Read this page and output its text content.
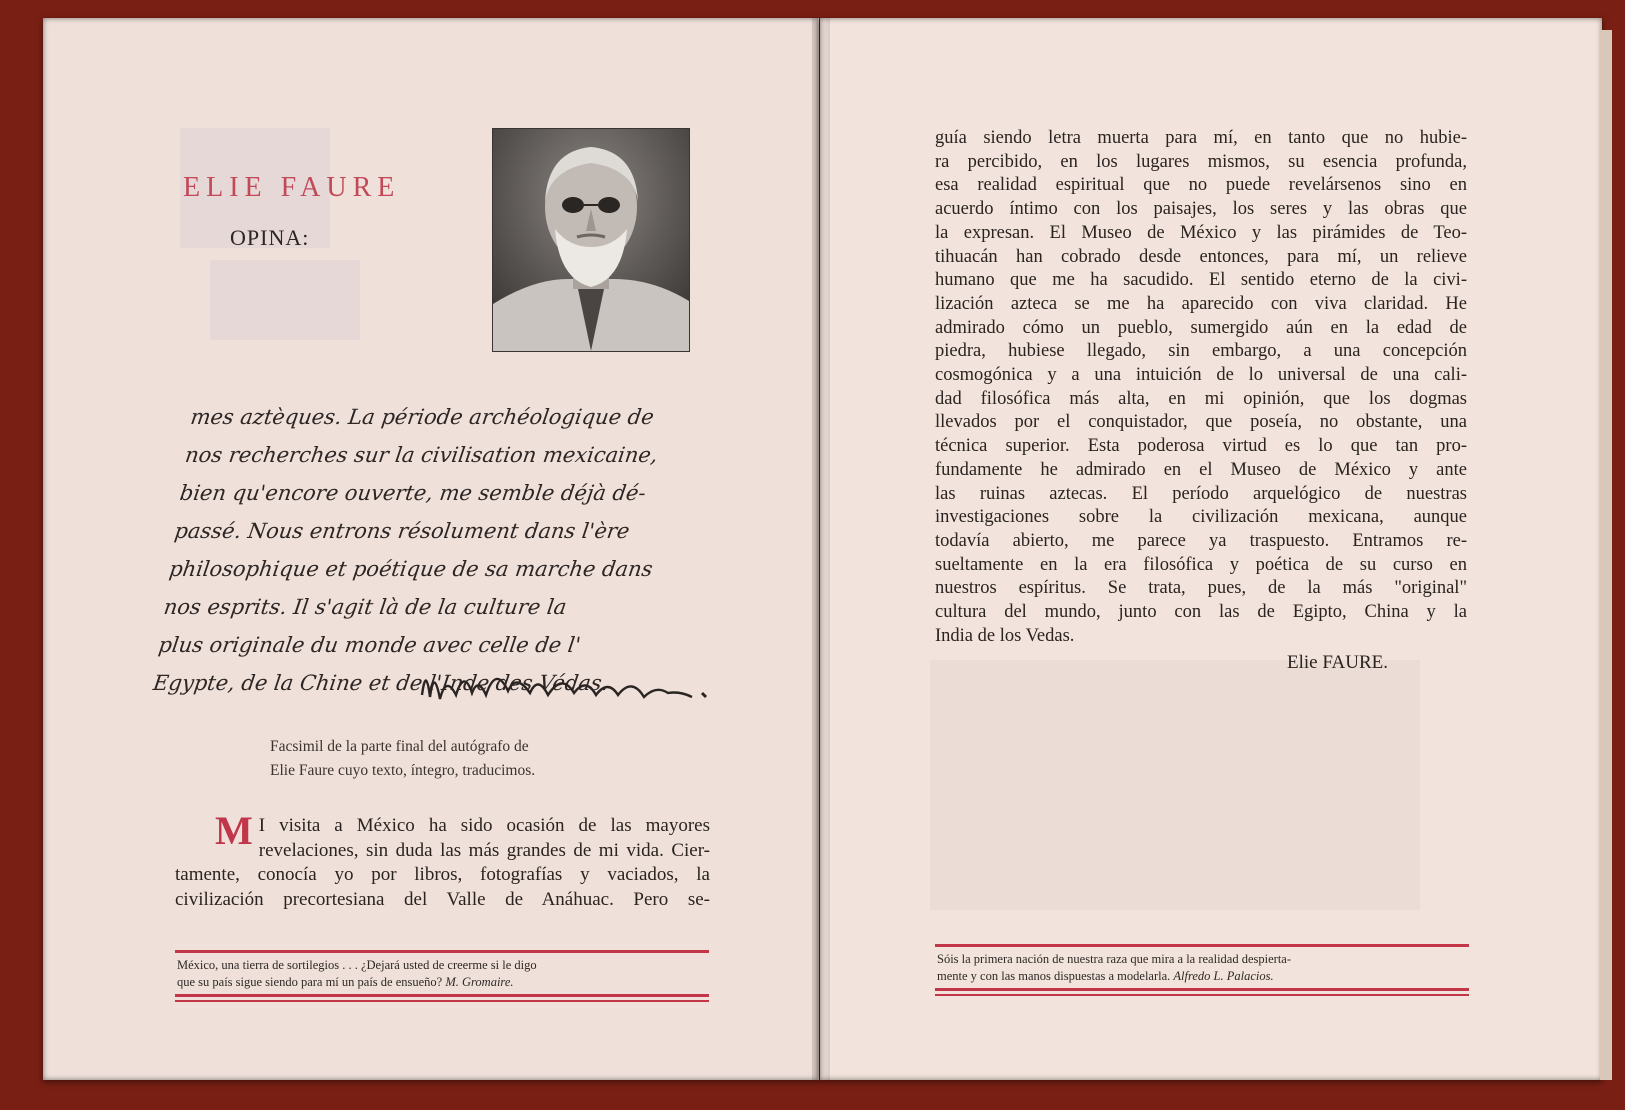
ELIE FAURE
OPINA:
mes aztèques. La période archéologique de
nos recherches sur la civilisation mexicaine,
bien qu'encore ouverte, me semble déjà dé-
passé. Nous entrons résolument dans l'ère
philosophique et poétique de sa marche dans
nos esprits. Il s'agit là de la culture la
plus originale du monde avec celle de l'
Egypte, de la Chine et de l'Inde des Védas.
Facsimil de la parte final del autógrafo de
Elie Faure cuyo texto, íntegro, traducimos.
M I visita a México ha sido ocasión de las mayores
revelaciones, sin duda las más grandes de mi vida. Cier-
tamente, conocía yo por libros, fotografías y vaciados, la
civilización precortesiana del Valle de Anáhuac. Pero se-
México, una tierra de sortilegios . . . ¿Dejará usted de creerme si le digo
que su país sigue siendo para mí un país de ensueño? M. Gromaire.
guía siendo letra muerta para mí, en tanto que no hubie-
ra percibido, en los lugares mismos, su esencia profunda,
esa realidad espiritual que no puede revelársenos sino en
acuerdo íntimo con los paisajes, los seres y las obras que
la expresan. El Museo de México y las pirámides de Teo-
tihuacán han cobrado desde entonces, para mí, un relieve
humano que me ha sacudido. El sentido eterno de la civi-
lización azteca se me ha aparecido con viva claridad. He
admirado cómo un pueblo, sumergido aún en la edad de
piedra, hubiese llegado, sin embargo, a una concepción
cosmogónica y a una intuición de lo universal de una cali-
dad filosófica más alta, en mi opinión, que los dogmas
llevados por el conquistador, que poseía, no obstante, una
técnica superior. Esta poderosa virtud es lo que tan pro-
fundamente he admirado en el Museo de México y ante
las ruinas aztecas. El período arquelógico de nuestras
investigaciones sobre la civilización mexicana, aunque
todavía abierto, me parece ya traspuesto. Entramos re-
sueltamente en la era filosófica y poética de su curso en
nuestros espíritus. Se trata, pues, de la más "original"
cultura del mundo, junto con las de Egipto, China y la
India de los Vedas.
Elie FAURE.
Sóis la primera nación de nuestra raza que mira a la realidad despierta-
mente y con las manos dispuestas a modelarla. Alfredo L. Palacios.
